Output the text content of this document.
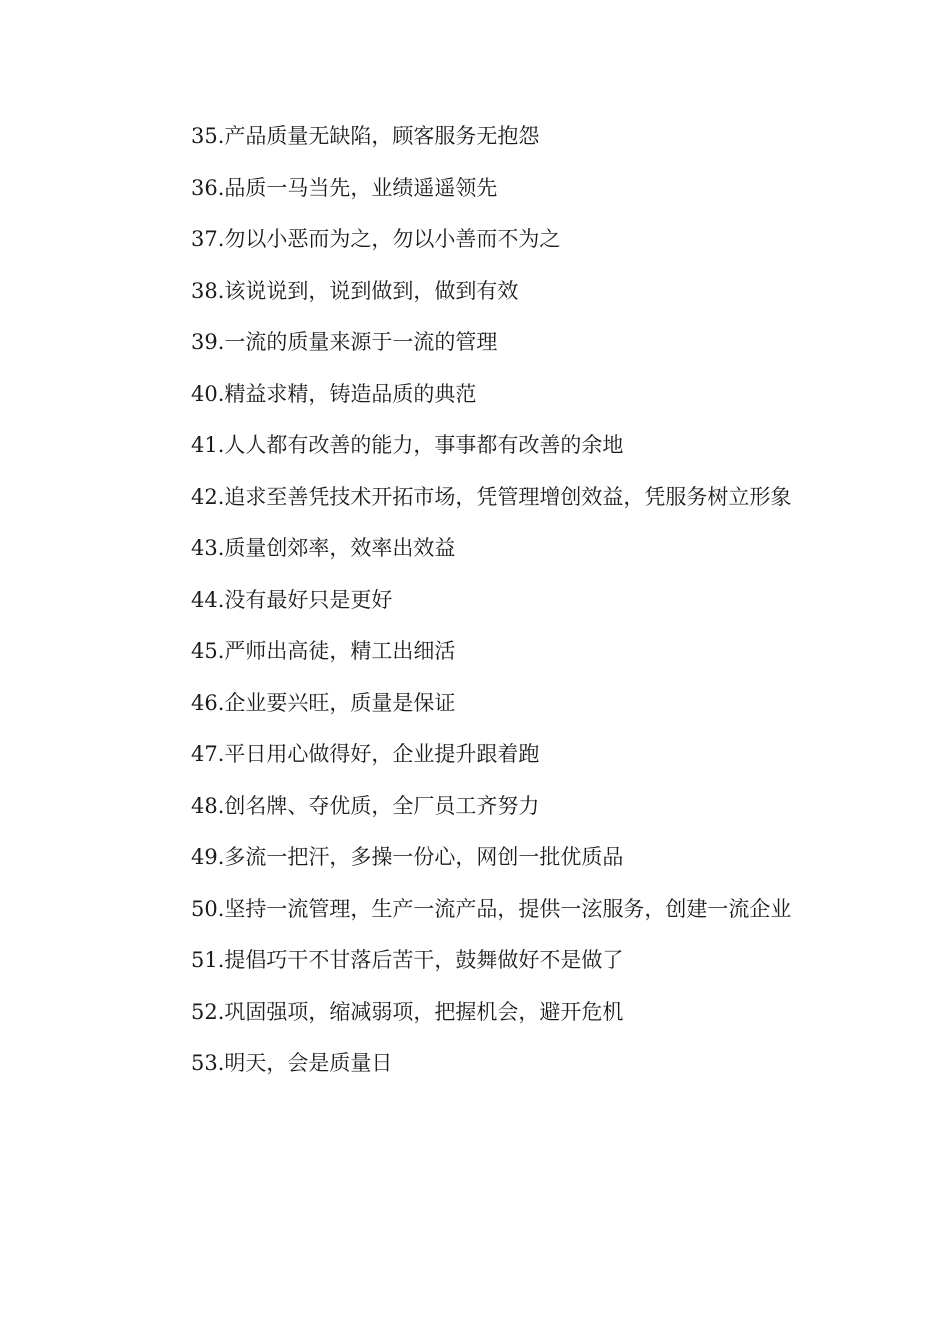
35.产品质量无缺陷，顾客服务无抱怨

36.品质一马当先，业绩遥遥领先

37.勿以小恶而为之，勿以小善而不为之

38.该说说到，说到做到，做到有效

39.一流的质量来源于一流的管理

40.精益求精，铸造品质的典范

41.人人都有改善的能力，事事都有改善的余地

42.追求至善凭技术开拓市场，凭管理增创效益，凭服务树立形象

43.质量创郊率，效率出效益

44.没有最好只是更好

45.严师出高徒，精工出细活

46.企业要兴旺，质量是保证

47.平日用心做得好，企业提升跟着跑

48.创名牌、夺优质，全厂员工齐努力

49.多流一把汗，多操一份心，网创一批优质品

50.坚持一流管理，生产一流产品，提供一泫服务，创建一流企业

51.提倡巧干不甘落后苦干，鼓舞做好不是做了

52.巩固强项，缩减弱项，把握机会，避开危机

53.明天，会是质量日
